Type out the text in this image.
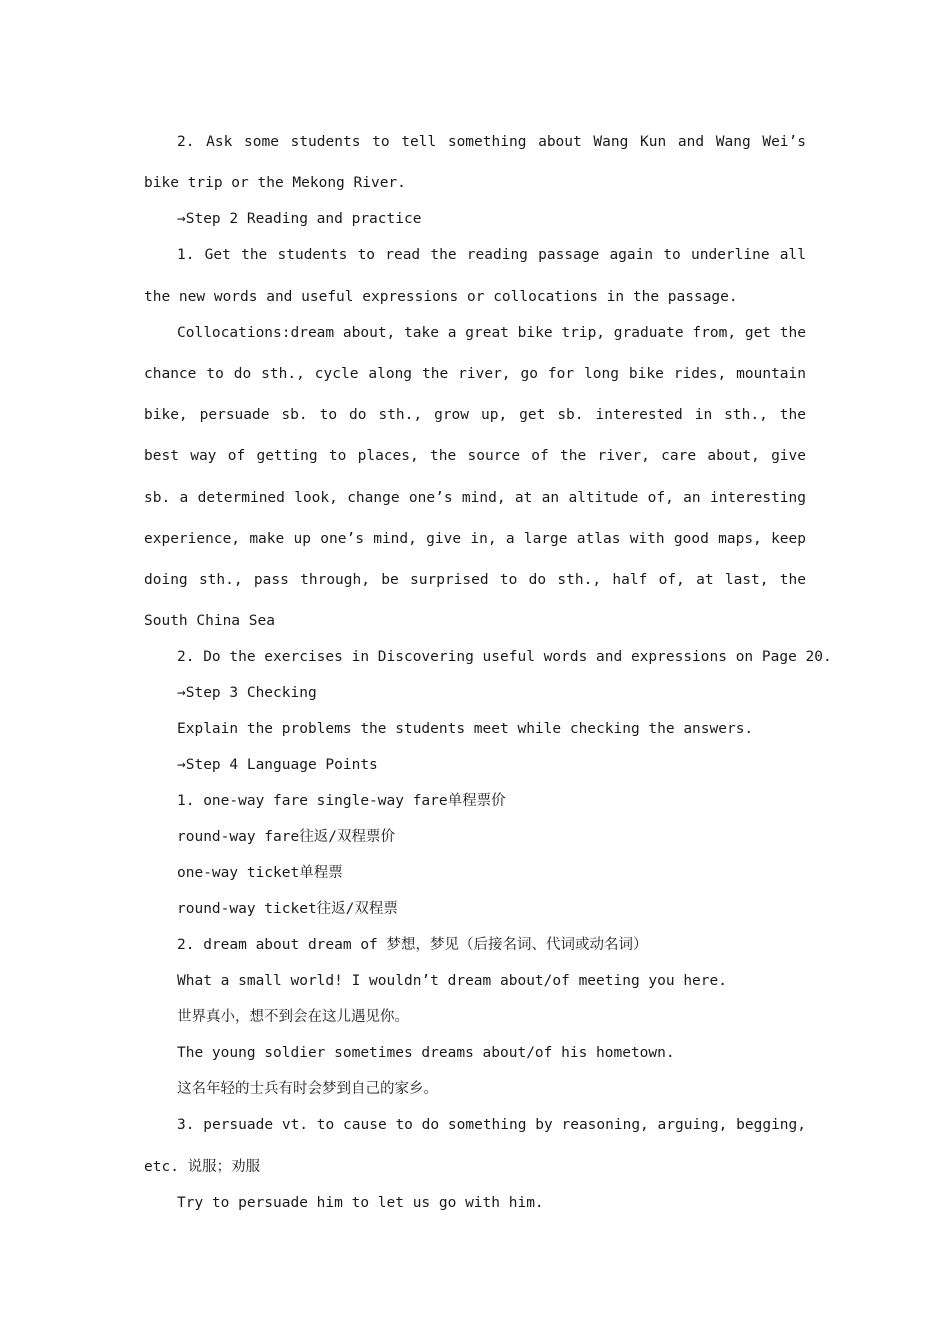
2. Ask some students to tell something about Wang Kun and Wang Wei’s bike trip or the Mekong River.

→Step 2 Reading and practice

1. Get the students to read the reading passage again to underline all the new words and useful expressions or collocations in the passage.

Collocations:dream about, take a great bike trip, graduate from, get the chance to do sth., cycle along the river, go for long bike rides, mountain bike, persuade sb. to do sth., grow up, get sb. interested in sth., the best way of getting to places, the source of the river, care about, give sb. a determined look, change one’s mind, at an altitude of, an interesting experience, make up one’s mind, give in, a large atlas with good maps, keep doing sth., pass through, be surprised to do sth., half of, at last, the South China Sea

2. Do the exercises in Discovering useful words and expressions on Page 20.

→Step 3 Checking

Explain the problems the students meet while checking the answers.

→Step 4 Language Points

1. one-way fare single-way fare单程票价

round-way fare往返/双程票价

one-way ticket单程票

round-way ticket往返/双程票

2. dream about dream of 梦想，梦见（后接名词、代词或动名词）

What a small world! I wouldn’t dream about/of meeting you here.

世界真小，想不到会在这儿遇见你。

The young soldier sometimes dreams about/of his hometown.

这名年轻的士兵有时会梦到自己的家乡。

3. persuade vt. to cause to do something by reasoning, arguing, begging, etc. 说服；劝服

Try to persuade him to let us go with him.
